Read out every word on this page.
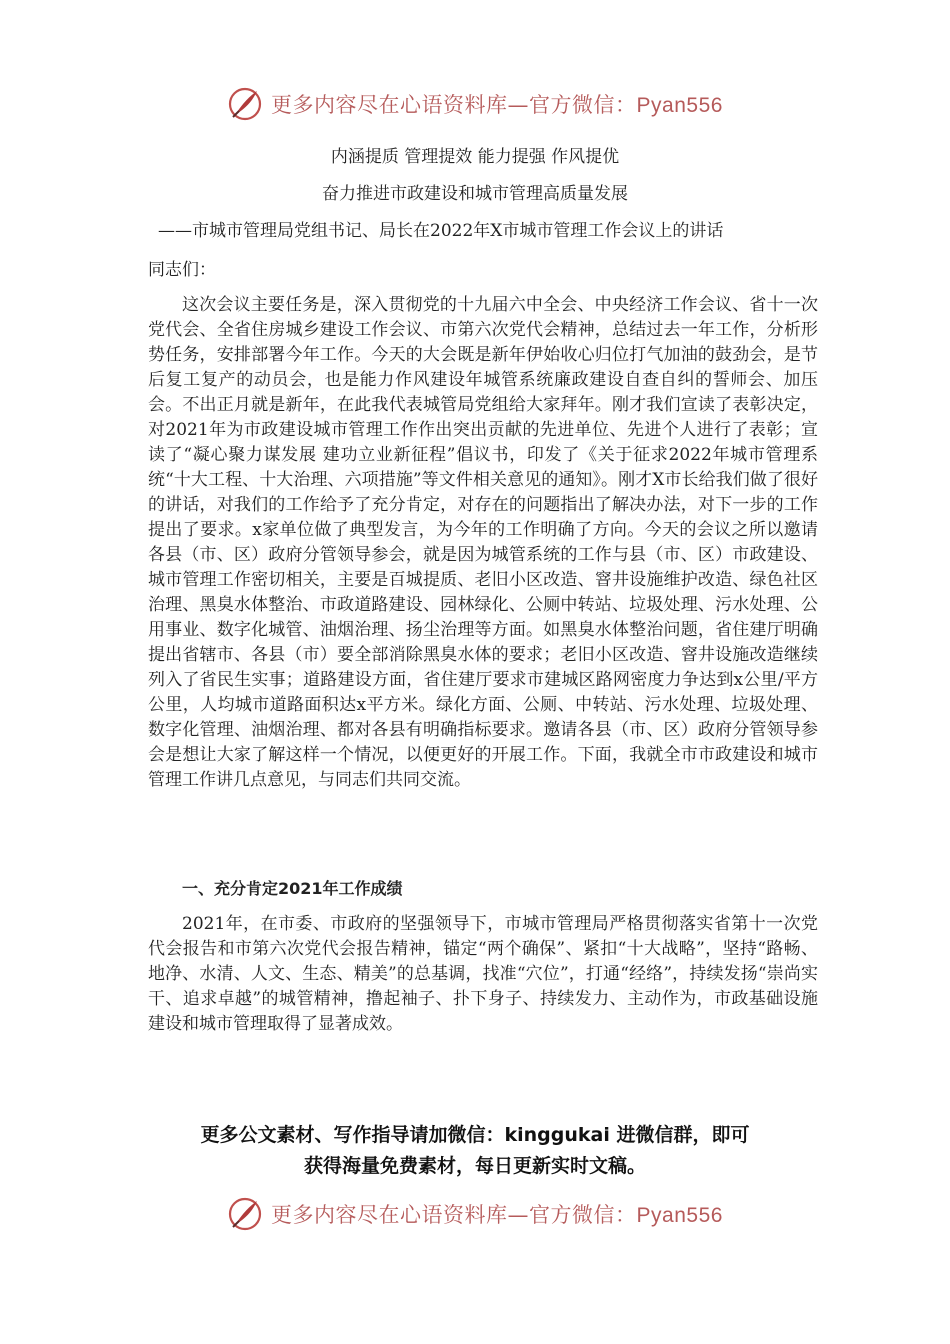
更多内容尽在心语资料库—官方微信：Pyan556
内涵提质 管理提效 能力提强 作风提优
奋力推进市政建设和城市管理高质量发展
——市城市管理局党组书记、局长在2022年X市城市管理工作会议上的讲话
同志们：

这次会议主要任务是，深入贯彻党的十九届六中全会、中央经济工作会议、省十一次党代会、全省住房城乡建设工作会议、市第六次党代会精神，总结过去一年工作，分析形势任务，安排部署今年工作。今天的大会既是新年伊始收心归位打气加油的鼓劲会，是节后复工复产的动员会，也是能力作风建设年城管系统廉政建设自查自纠的誓师会、加压会。不出正月就是新年，在此我代表城管局党组给大家拜年。刚才我们宣读了表彰决定，对2021年为市政建设城市管理工作作出突出贡献的先进单位、先进个人进行了表彰；宣读了“凝心聚力谋发展 建功立业新征程”倡议书，印发了《关于征求2022年城市管理系统“十大工程、十大治理、六项措施”等文件相关意见的通知》。刚才X市长给我们做了很好的讲话，对我们的工作给予了充分肯定，对存在的问题指出了解决办法，对下一步的工作提出了要求。x家单位做了典型发言，为今年的工作明确了方向。今天的会议之所以邀请各县（市、区）政府分管领导参会，就是因为城管系统的工作与县（市、区）市政建设、城市管理工作密切相关，主要是百城提质、老旧小区改造、窨井设施维护改造、绿色社区治理、黑臭水体整治、市政道路建设、园林绿化、公厕中转站、垃圾处理、污水处理、公用事业、数字化城管、油烟治理、扬尘治理等方面。如黑臭水体整治问题，省住建厅明确提出省辖市、各县（市）要全部消除黑臭水体的要求；老旧小区改造、窨井设施改造继续列入了省民生实事；道路建设方面，省住建厅要求市建城区路网密度力争达到x公里/平方公里，人均城市道路面积达x平方米。绿化方面、公厕、中转站、污水处理、垃圾处理、数字化管理、油烟治理、都对各县有明确指标要求。邀请各县（市、区）政府分管领导参会是想让大家了解这样一个情况，以便更好的开展工作。下面，我就全市市政建设和城市管理工作讲几点意见，与同志们共同交流。

一、充分肯定2021年工作成绩

2021年，在市委、市政府的坚强领导下，市城市管理局严格贯彻落实省第十一次党代会报告和市第六次党代会报告精神，锚定“两个确保”、紧扣“十大战略”，坚持“路畅、地净、水清、人文、生态、精美”的总基调，找准“穴位”，打通“经络”，持续发扬“崇尚实干、追求卓越”的城管精神，撸起袖子、扑下身子、持续发力、主动作为，市政基础设施建设和城市管理取得了显著成效。

更多公文素材、写作指导请加微信：kinggukai 进微信群，即可
获得海量免费素材，每日更新实时文稿。
更多内容尽在心语资料库—官方微信：Pyan556
